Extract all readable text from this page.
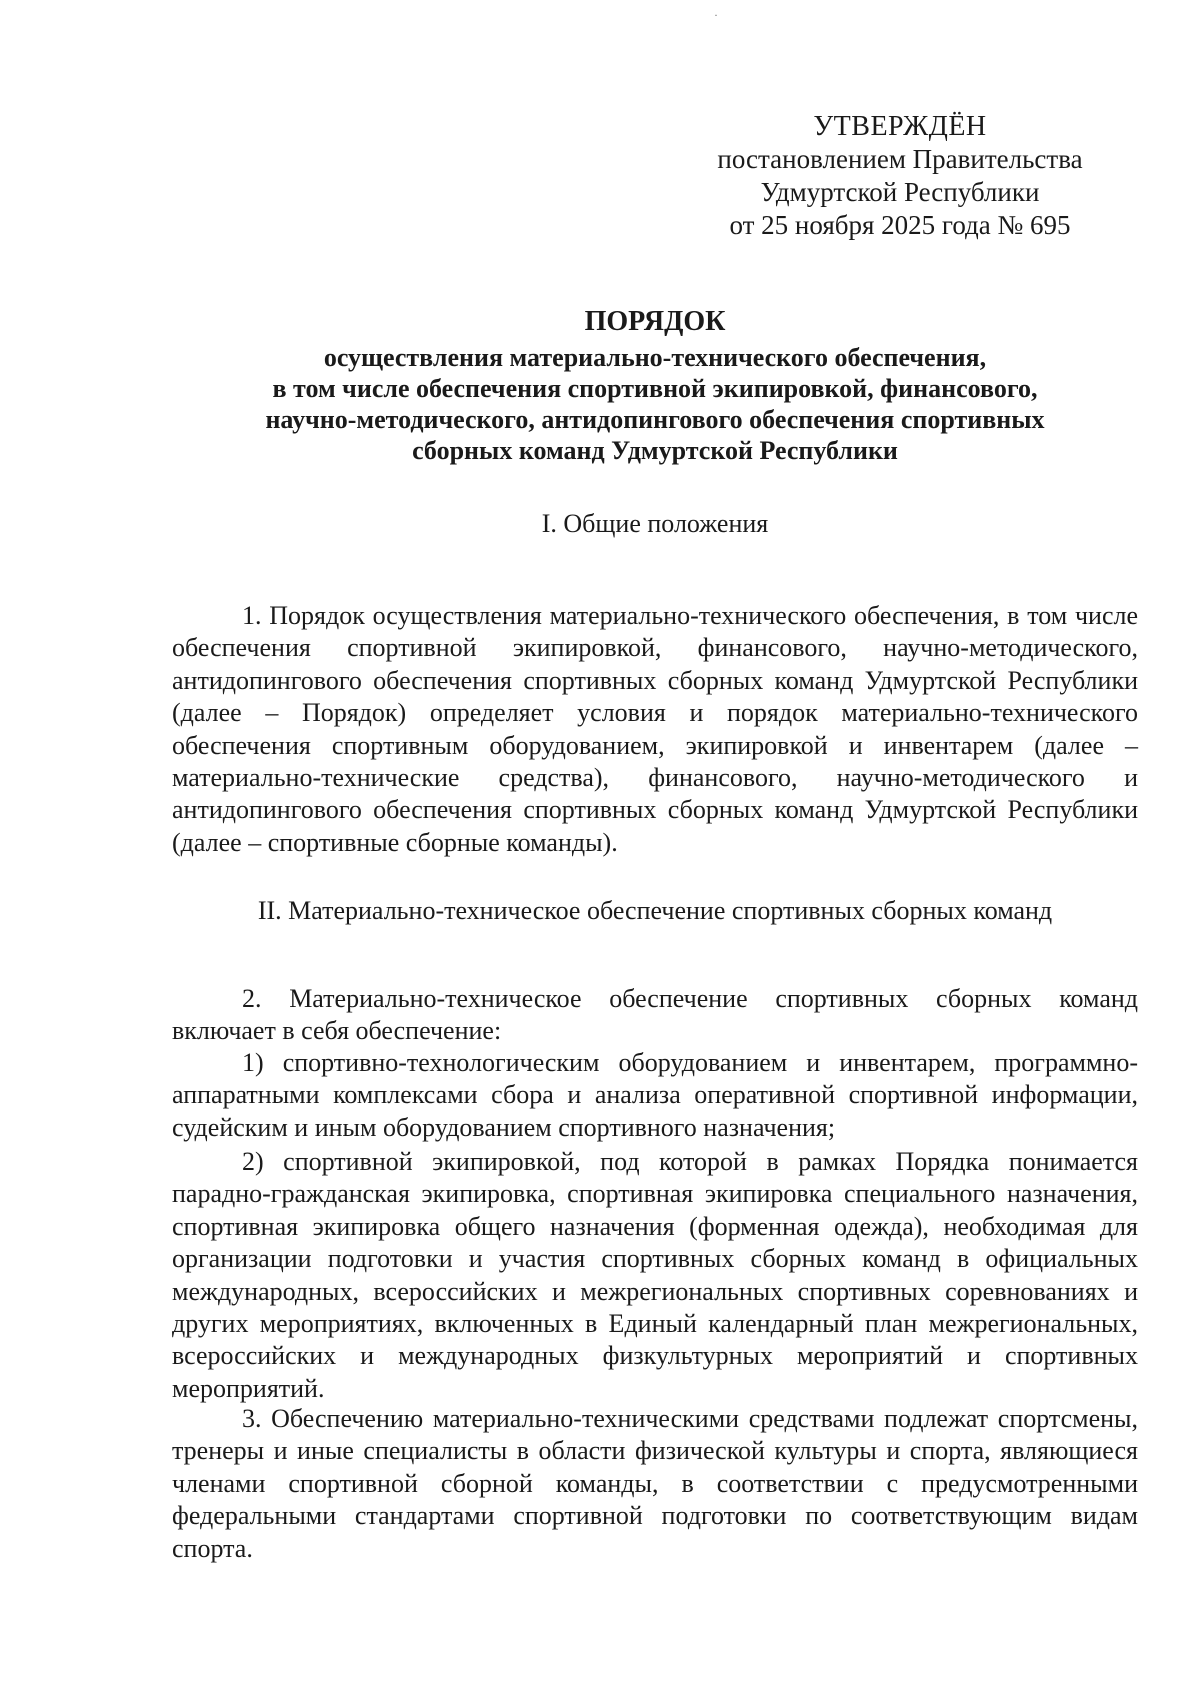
·
УТВЕРЖДЁН
постановлением Правительства
Удмуртской Республики
от 25 ноября 2025 года № 695
ПОРЯДОК
осуществления материально-технического обеспечения,
в том числе обеспечения спортивной экипировкой, финансового,
научно-методического, антидопингового обеспечения спортивных
сборных команд Удмуртской Республики
I. Общие положения

1. Порядок осуществления материально-технического обеспечения, в том числе обеспечения спортивной экипировкой, финансового, научно-методического, антидопингового обеспечения спортивных сборных команд Удмуртской Республики (далее – Порядок) определяет условия и порядок материально-технического обеспечения спортивным оборудованием, экипировкой и инвентарем (далее – материально-технические средства), финансового, научно-методического и антидопингового обеспечения спортивных сборных команд Удмуртской Республики (далее – спортивные сборные команды).

II. Материально-техническое обеспечение спортивных сборных команд

2. Материально-техническое обеспечение спортивных сборных команд включает в себя обеспечение:

1) спортивно-технологическим оборудованием и инвентарем, программно-аппаратными комплексами сбора и анализа оперативной спортивной информации, судейским и иным оборудованием спортивного назначения;

2) спортивной экипировкой, под которой в рамках Порядка понимается парадно-гражданская экипировка, спортивная экипировка специального назначения, спортивная экипировка общего назначения (форменная одежда), необходимая для организации подготовки и участия спортивных сборных команд в официальных международных, всероссийских и межрегиональных спортивных соревнованиях и других мероприятиях, включенных в Единый календарный план межрегиональных, всероссийских и международных физкультурных мероприятий и спортивных мероприятий.

3. Обеспечению материально-техническими средствами подлежат спортсмены, тренеры и иные специалисты в области физической культуры и спорта, являющиеся членами спортивной сборной команды, в соответствии с предусмотренными федеральными стандартами спортивной подготовки по соответствующим видам спорта.
